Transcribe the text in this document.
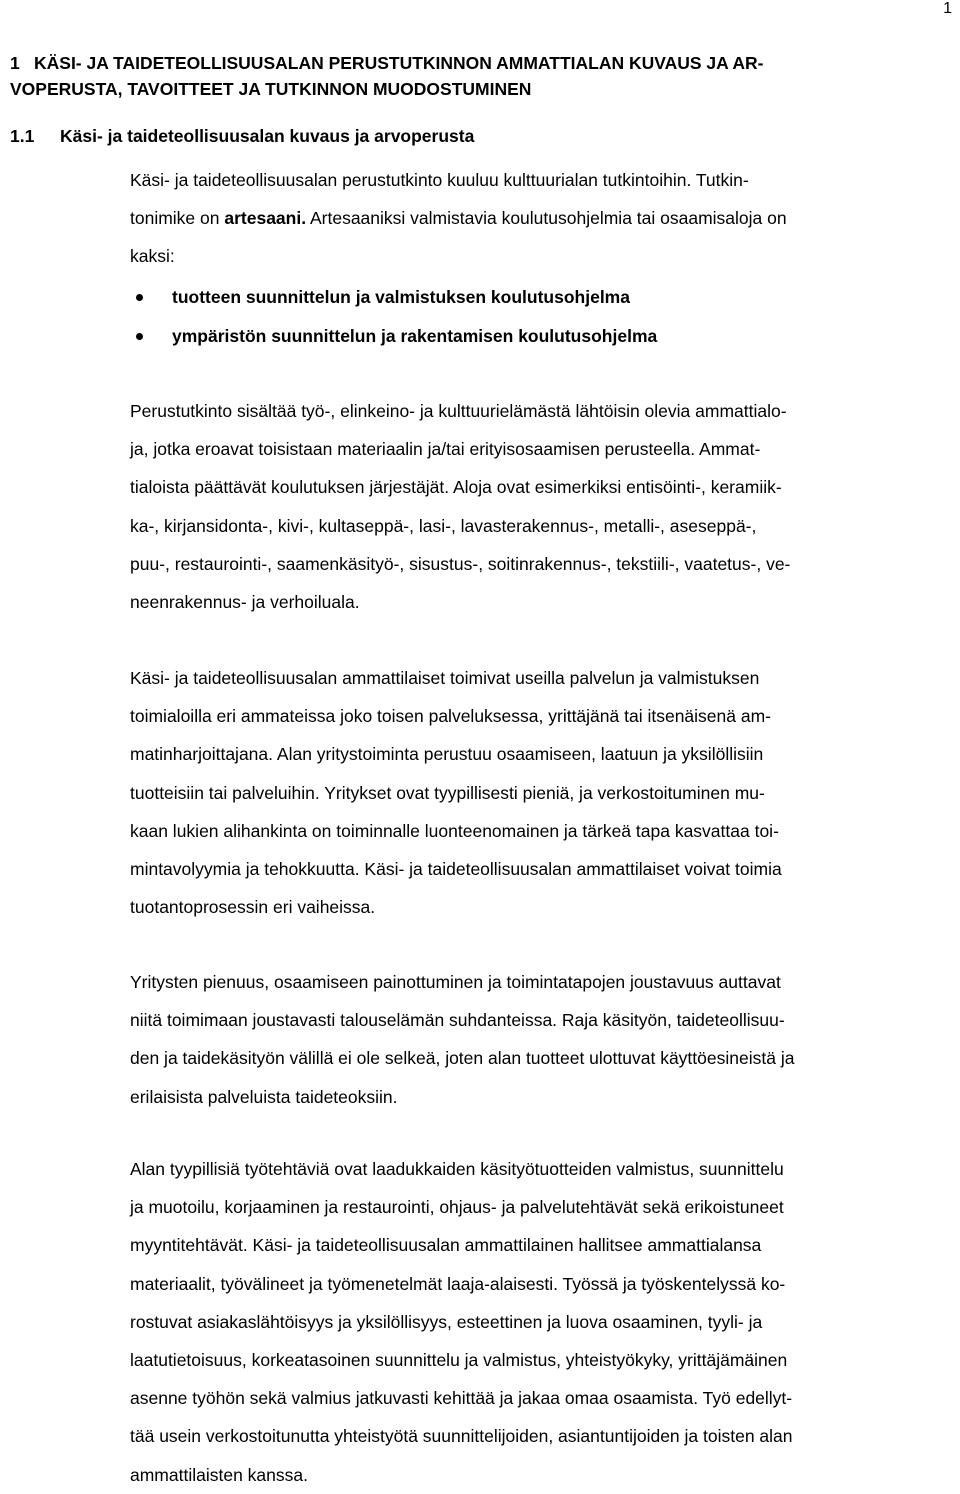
1
1 KÄSI- JA TAIDETEOLLISUUSALAN PERUSTUTKINNON AMMATTIALAN KUVAUS JA AR-
VOPERUSTA, TAVOITTEET JA TUTKINNON MUODOSTUMINEN
1.1 Käsi- ja taideteollisuusalan kuvaus ja arvoperusta
Käsi- ja taideteollisuusalan perustutkinto kuuluu kulttuurialan tutkintoihin. Tutkin-
tonimike on artesaani. Artesaaniksi valmistavia koulutusohjelmia tai osaamisaloja on
kaksi:
tuotteen suunnittelun ja valmistuksen koulutusohjelma
ympäristön suunnittelun ja rakentamisen koulutusohjelma
Perustutkinto sisältää työ-, elinkeino- ja kulttuurielämästä lähtöisin olevia ammattialo-
ja, jotka eroavat toisistaan materiaalin ja/tai erityisosaamisen perusteella. Ammat-
tialoista päättävät koulutuksen järjestäjät. Aloja ovat esimerkiksi entisöinti-, keramiik-
ka-, kirjansidonta-, kivi-, kultaseppä-, lasi-, lavasterakennus-, metalli-, aseseppä-,
puu-, restaurointi-, saamenkäsityö-, sisustus-, soitinrakennus-, tekstiili-, vaatetus-, ve-
neenrakennus- ja verhoiluala.
Käsi- ja taideteollisuusalan ammattilaiset toimivat useilla palvelun ja valmistuksen
toimialoilla eri ammateissa joko toisen palveluksessa, yrittäjänä tai itsenäisenä am-
matinharjoittajana. Alan yritystoiminta perustuu osaamiseen, laatuun ja yksilöllisiin
tuotteisiin tai palveluihin. Yritykset ovat tyypillisesti pieniä, ja verkostoituminen mu-
kaan lukien alihankinta on toiminnalle luonteenomainen ja tärkeä tapa kasvattaa toi-
mintavolyymia ja tehokkuutta. Käsi- ja taideteollisuusalan ammattilaiset voivat toimia
tuotantoprosessin eri vaiheissa.
Yritysten pienuus, osaamiseen painottuminen ja toimintatapojen joustavuus auttavat
niitä toimimaan joustavasti talouselämän suhdanteissa. Raja käsityön, taideteollisuu-
den ja taidekäsityön välillä ei ole selkeä, joten alan tuotteet ulottuvat käyttöesineistä ja
erilaisista palveluista taideteoksiin.
Alan tyypillisiä työtehtäviä ovat laadukkaiden käsityötuotteiden valmistus, suunnittelu
ja muotoilu, korjaaminen ja restaurointi, ohjaus- ja palvelutehtävät sekä erikoistuneet
myyntitehtävät. Käsi- ja taideteollisuusalan ammattilainen hallitsee ammattialansa
materiaalit, työvälineet ja työmenetelmät laaja-alaisesti. Työssä ja työskentelyssä ko-
rostuvat asiakaslähtöisyys ja yksilöllisyys, esteettinen ja luova osaaminen, tyyli- ja
laatutietoisuus, korkeatasoinen suunnittelu ja valmistus, yhteistyökyky, yrittäjämäinen
asenne työhön sekä valmius jatkuvasti kehittää ja jakaa omaa osaamista. Työ edellyt-
tää usein verkostoitunutta yhteistyötä suunnittelijoiden, asiantuntijoiden ja toisten alan
ammattilaisten kanssa.
